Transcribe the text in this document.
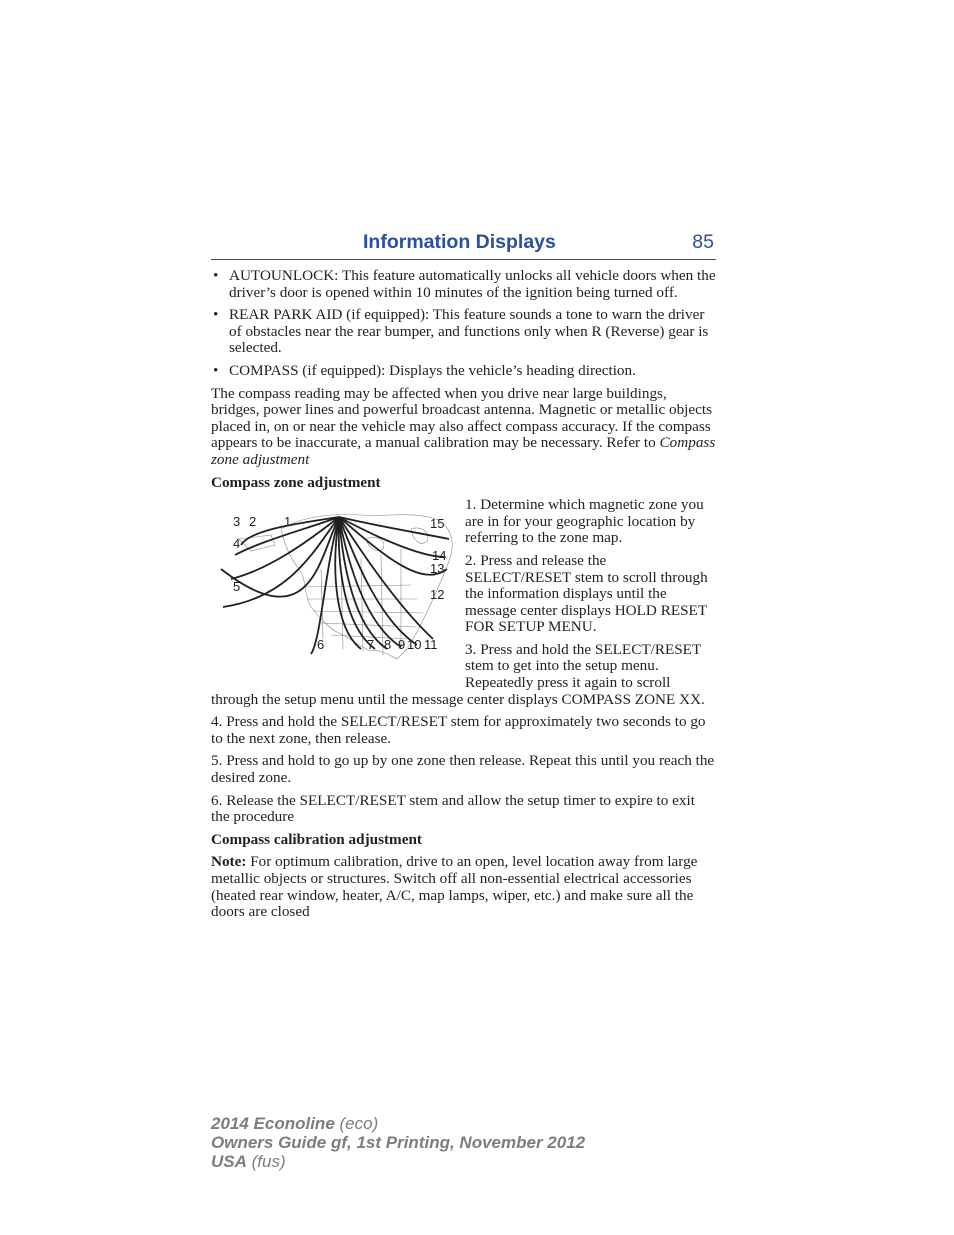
Information Displays	85
• AUTOUNLOCK: This feature automatically unlocks all vehicle doors when the driver’s door is opened within 10 minutes of the ignition being turned off.
• REAR PARK AID (if equipped): This feature sounds a tone to warn the driver of obstacles near the rear bumper, and functions only when R (Reverse) gear is selected.
• COMPASS (if equipped): Displays the vehicle’s heading direction.

The compass reading may be affected when you drive near large buildings, bridges, power lines and powerful broadcast antenna. Magnetic or metallic objects placed in, on or near the vehicle may also affect compass accuracy. If the compass appears to be inaccurate, a manual calibration may be necessary. Refer to Compass zone adjustment

Compass zone adjustment
1
2
3
4
5
6	7 8 9 10 11
12
13
14
15

1. Determine which magnetic zone you are in for your geographic location by referring to the zone map.

2. Press and release the SELECT/RESET stem to scroll through the information displays until the message center displays HOLD RESET FOR SETUP MENU.

3. Press and hold the SELECT/RESET stem to get into the setup menu. Repeatedly press it again to scroll through the setup menu until the message center displays COMPASS ZONE XX.

4. Press and hold the SELECT/RESET stem for approximately two seconds to go to the next zone, then release.

5. Press and hold to go up by one zone then release. Repeat this until you reach the desired zone.

6. Release the SELECT/RESET stem and allow the setup timer to expire to exit the procedure

Compass calibration adjustment

Note: For optimum calibration, drive to an open, level location away from large metallic objects or structures. Switch off all non-essential electrical accessories (heated rear window, heater, A/C, map lamps, wiper, etc.) and make sure all the doors are closed

2014 Econoline (eco)
Owners Guide gf, 1st Printing, November 2012
USA (fus)
